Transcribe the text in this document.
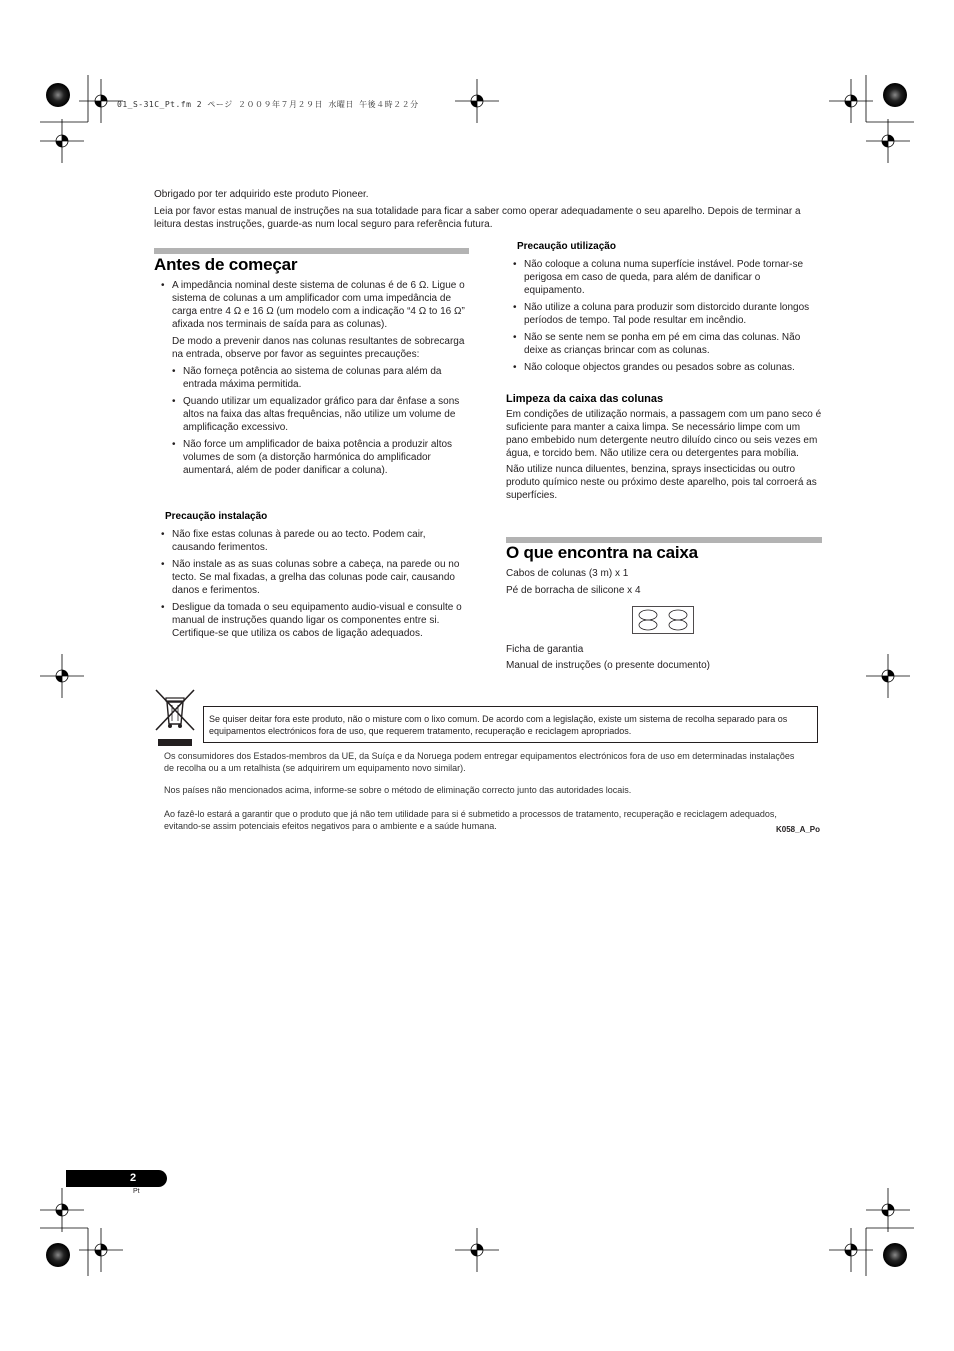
01_S-31C_Pt.fm 2 ページ ２００９年７月２９日 水曜日 午後４時２２分
Obrigado por ter adquirido este produto Pioneer.
Leia por favor estas manual de instruções na sua totalidade para ficar a saber como operar adequadamente o seu aparelho. Depois de terminar a leitura destas instruções, guarde-as num local seguro para referência futura.
Antes de começar

• A impedância nominal deste sistema de colunas é de 6 Ω. Ligue o sistema de colunas a um amplificador com uma impedância de carga entre 4 Ω e 16 Ω (um modelo com a indicação “4 Ω to 16 Ω” afixada nos terminais de saída para as colunas).

De modo a prevenir danos nas colunas resultantes de sobrecarga na entrada, observe por favor as seguintes precauções:

• Não forneça potência ao sistema de colunas para além da entrada máxima permitida.
• Quando utilizar um equalizador gráfico para dar ênfase a sons altos na faixa das altas frequências, não utilize um volume de amplificação excessivo.
• Não force um amplificador de baixa potência a produzir altos volumes de som (a distorção harmónica do amplificador aumentará, além de poder danificar a coluna).
Precaução instalação
• Não fixe estas colunas à parede ou ao tecto. Podem cair, causando ferimentos.
• Não instale as as suas colunas sobre a cabeça, na parede ou no tecto. Se mal fixadas, a grelha das colunas pode cair, causando danos e ferimentos.
• Desligue da tomada o seu equipamento audio-visual e consulte o manual de instruções quando ligar os componentes entre si. Certifique-se que utiliza os cabos de ligação adequados.
Precaução utilização
• Não coloque a coluna numa superfície instável. Pode tornar-se perigosa em caso de queda, para além de danificar o equipamento.
• Não utilize a coluna para produzir som distorcido durante longos períodos de tempo. Tal pode resultar em incêndio.
• Não se sente nem se ponha em pé em cima das colunas. Não deixe as crianças brincar com as colunas.
• Não coloque objectos grandes ou pesados sobre as colunas.
Limpeza da caixa das colunas

Em condições de utilização normais, a passagem com um pano seco é suficiente para manter a caixa limpa. Se necessário limpe com um pano embebido num detergente neutro diluído cinco ou seis vezes em água, e torcido bem. Não utilize cera ou detergentes para mobília.

Não utilize nunca diluentes, benzina, sprays insecticidas ou outro produto químico neste ou próximo deste aparelho, pois tal corroerá as superfícies.

O que encontra na caixa
Cabos de colunas (3 m) x 1
Pé de borracha de silicone x 4
Ficha de garantia
Manual de instruções (o presente documento)
Se quiser deitar fora este produto, não o misture com o lixo comum. De acordo com a legislação, existe um sistema de recolha separado para os equipamentos electrónicos fora de uso, que requerem tratamento, recuperação e reciclagem apropriados.
Os consumidores dos Estados-membros da UE, da Suíça e da Noruega podem entregar equipamentos electrónicos fora de uso em determinadas instalações de recolha ou a um retalhista (se adquirirem um equipamento novo similar).
Nos países não mencionados acima, informe-se sobre o método de eliminação correcto junto das autoridades locais.
Ao fazê-lo estará a garantir que o produto que já não tem utilidade para si é submetido a processos de tratamento, recuperação e reciclagem adequados, evitando-se assim potenciais efeitos negativos para o ambiente e a saúde humana.	K058_A_Po
2
Pt
